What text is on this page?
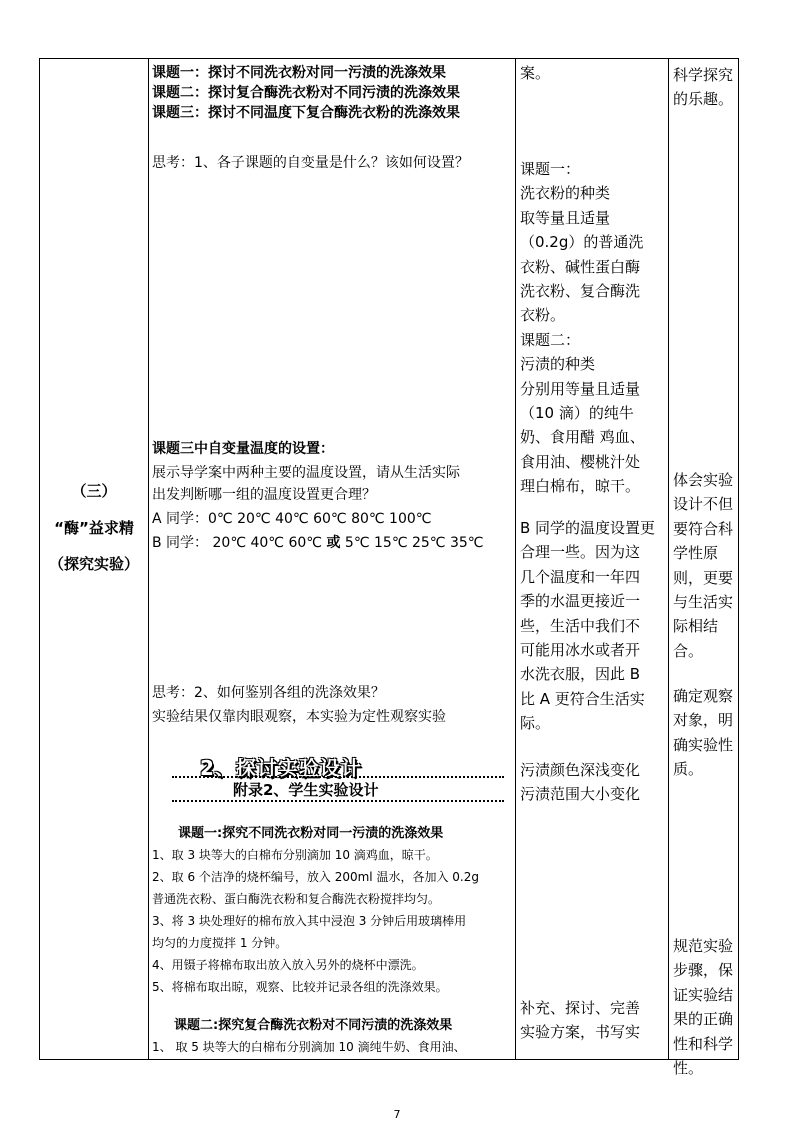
（三）
“酶”益求精
（探究实验）
课题一：探讨不同洗衣粉对同一污渍的洗涤效果
课题二：探讨复合酶洗衣粉对不同污渍的洗涤效果
课题三：探讨不同温度下复合酶洗衣粉的洗涤效果
思考：1、各子课题的自变量是什么？该如何设置？
课题三中自变量温度的设置：
展示导学案中两种主要的温度设置，请从生活实际
出发判断哪一组的温度设置更合理？
A 同学：0℃ 20℃ 40℃ 60℃ 80℃ 100℃
B 同学： 20℃ 40℃ 60℃ 或 5℃ 15℃ 25℃ 35℃
思考：2、如何鉴别各组的洗涤效果？
实验结果仅靠肉眼观察，本实验为定性观察实验
2、探讨实验设计
附录2、学生实验设计
课题一:探究不同洗衣粉对同一污渍的洗涤效果
1、取 3 块等大的白棉布分别滴加 10 滴鸡血，晾干。
2、取 6 个洁净的烧杯编号，放入 200ml 温水，各加入 0.2g
普通洗衣粉、蛋白酶洗衣粉和复合酶洗衣粉搅拌均匀。
3、将 3 块处理好的棉布放入其中浸泡 3 分钟后用玻璃棒用
均匀的力度搅拌 1 分钟。
4、用镊子将棉布取出放入放入另外的烧杯中漂洗。
5、将棉布取出晾，观察、比较并记录各组的洗涤效果。
课题二:探究复合酶洗衣粉对不同污渍的洗涤效果
1、 取 5 块等大的白棉布分别滴加 10 滴纯牛奶、食用油、
案。
课题一：
洗衣粉的种类
取等量且适量
（0.2g）的普通洗
衣粉、碱性蛋白酶
洗衣粉、复合酶洗
衣粉。
课题二：
污渍的种类
分别用等量且适量
（10 滴）的纯牛
奶、食用醋 鸡血、
食用油、樱桃汁处
理白棉布，晾干。
B 同学的温度设置更
合理一些。因为这
几个温度和一年四
季的水温更接近一
些，生活中我们不
可能用冰水或者开
水洗衣服，因此 B
比 A 更符合生活实
际。
污渍颜色深浅变化
污渍范围大小变化
补充、探讨、完善
实验方案，书写实
科学探究
的乐趣。
体会实验
设计不但
要符合科
学性原
则，更要
与生活实
际相结
合。
确定观察
对象，明
确实验性
质。
规范实验
步骤，保
证实验结
果的正确
性和科学
性。
7
